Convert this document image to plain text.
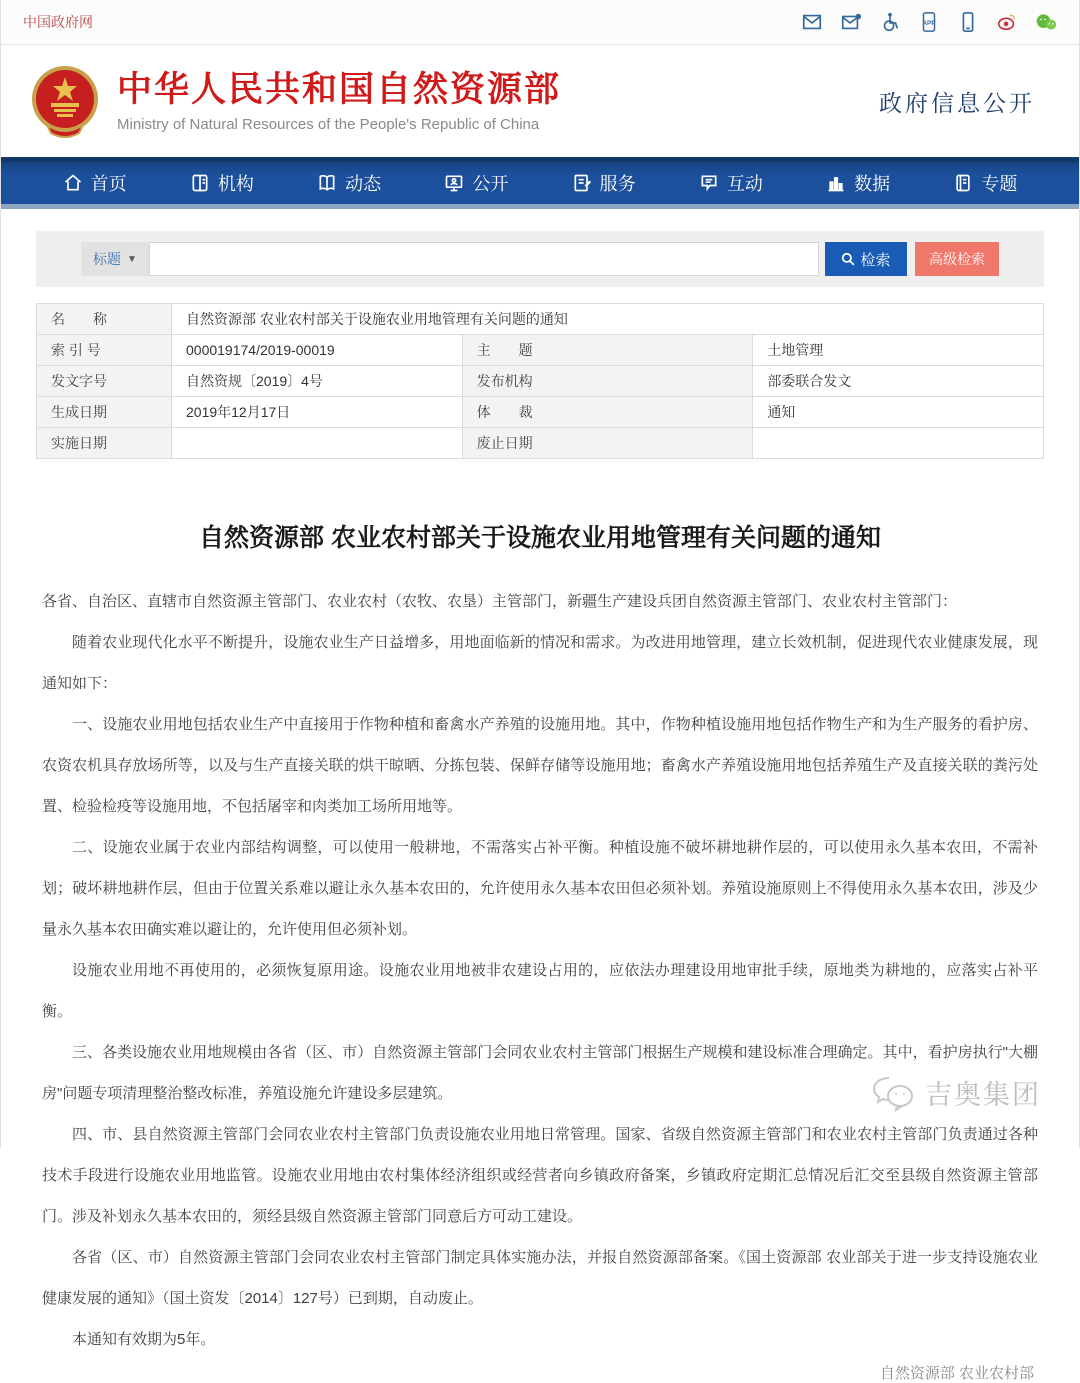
中国政府网	APP
中华人民共和国自然资源部
Ministry of Natural Resources of the People's Republic of China
政府信息公开
首页	机构	动态	公开	服务	互动	数据	专题
标题 ▼	检索	高级检索
名　　称	自然资源部 农业农村部关于设施农业用地管理有关问题的通知		
索 引 号	000019174/2019-00019	主　　题	土地管理
发文字号	自然资规〔2019〕4号	发布机构	部委联合发文
生成日期	2019年12月17日	体　　裁	通知
实施日期		废止日期	
自然资源部 农业农村部关于设施农业用地管理有关问题的通知

各省、自治区、直辖市自然资源主管部门、农业农村（农牧、农垦）主管部门，新疆生产建设兵团自然资源主管部门、农业农村主管部门：

随着农业现代化水平不断提升，设施农业生产日益增多，用地面临新的情况和需求。为改进用地管理，建立长效机制，促进现代农业健康发展，现通知如下：

一、设施农业用地包括农业生产中直接用于作物种植和畜禽水产养殖的设施用地。其中，作物种植设施用地包括作物生产和为生产服务的看护房、农资农机具存放场所等，以及与生产直接关联的烘干晾晒、分拣包装、保鲜存储等设施用地；畜禽水产养殖设施用地包括养殖生产及直接关联的粪污处置、检验检疫等设施用地，不包括屠宰和肉类加工场所用地等。

二、设施农业属于农业内部结构调整，可以使用一般耕地，不需落实占补平衡。种植设施不破坏耕地耕作层的，可以使用永久基本农田，不需补划；破坏耕地耕作层，但由于位置关系难以避让永久基本农田的，允许使用永久基本农田但必须补划。养殖设施原则上不得使用永久基本农田，涉及少量永久基本农田确实难以避让的，允许使用但必须补划。

设施农业用地不再使用的，必须恢复原用途。设施农业用地被非农建设占用的，应依法办理建设用地审批手续，原地类为耕地的，应落实占补平衡。

三、各类设施农业用地规模由各省（区、市）自然资源主管部门会同农业农村主管部门根据生产规模和建设标准合理确定。其中，看护房执行"大棚房"问题专项清理整治整改标准，养殖设施允许建设多层建筑。

四、市、县自然资源主管部门会同农业农村主管部门负责设施农业用地日常管理。国家、省级自然资源主管部门和农业农村主管部门负责通过各种技术手段进行设施农业用地监管。设施农业用地由农村集体经济组织或经营者向乡镇政府备案，乡镇政府定期汇总情况后汇交至县级自然资源主管部门。涉及补划永久基本农田的，须经县级自然资源主管部门同意后方可动工建设。

各省（区、市）自然资源主管部门会同农业农村主管部门制定具体实施办法，并报自然资源部备案。《国土资源部 农业部关于进一步支持设施农业健康发展的通知》（国土资发〔2014〕127号）已到期，自动废止。

本通知有效期为5年。

自然资源部 农业农村部
吉奥集团
